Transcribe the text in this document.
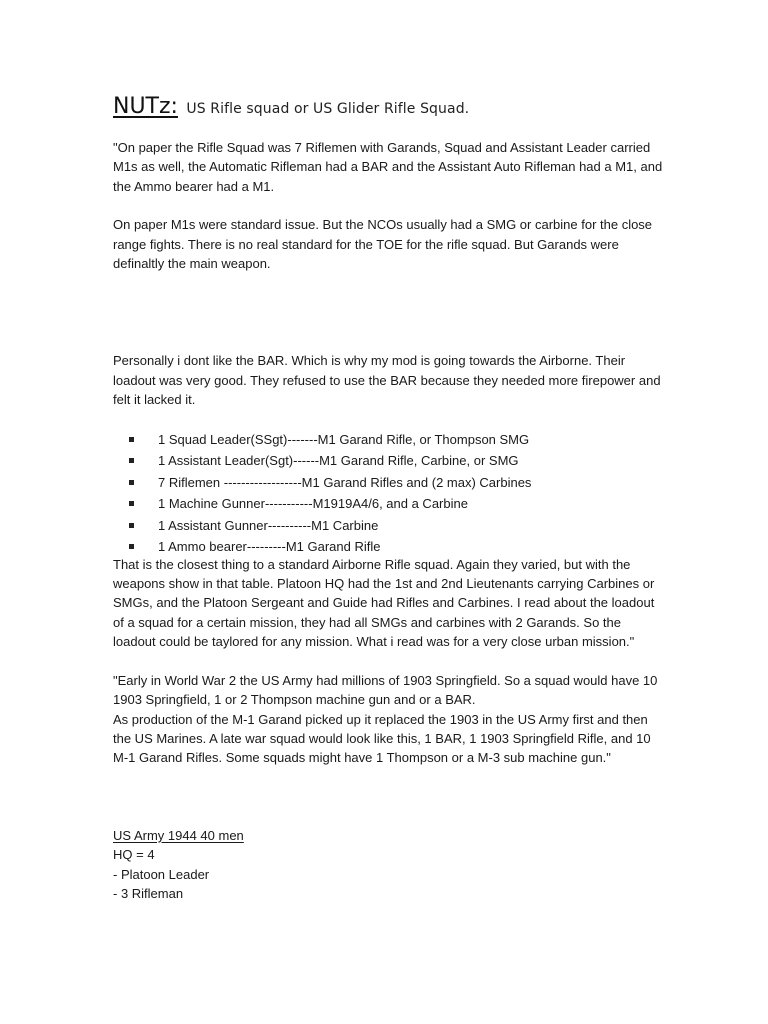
NUTz: US Rifle squad or US Glider Rifle Squad.

"On paper the Rifle Squad was 7 Riflemen with Garands, Squad and Assistant Leader carried M1s as well, the Automatic Rifleman had a BAR and the Assistant Auto Rifleman had a M1, and the Ammo bearer had a M1.

On paper M1s were standard issue. But the NCOs usually had a SMG or carbine for the close range fights. There is no real standard for the TOE for the rifle squad. But Garands were definaltly the main weapon.

Personally i dont like the BAR. Which is why my mod is going towards the Airborne. Their loadout was very good. They refused to use the BAR because they needed more firepower and felt it lacked it.

1 Squad Leader(SSgt)-------M1 Garand Rifle, or Thompson SMG
1 Assistant Leader(Sgt)------M1 Garand Rifle, Carbine, or SMG
7 Riflemen ------------------M1 Garand Rifles and (2 max) Carbines
1 Machine Gunner-----------M1919A4/6, and a Carbine
1 Assistant Gunner----------M1 Carbine
1 Ammo bearer---------M1 Garand Rifle

That is the closest thing to a standard Airborne Rifle squad. Again they varied, but with the weapons show in that table. Platoon HQ had the 1st and 2nd Lieutenants carrying Carbines or SMGs, and the Platoon Sergeant and Guide had Rifles and Carbines. I read about the loadout of a squad for a certain mission, they had all SMGs and carbines with 2 Garands. So the loadout could be taylored for any mission. What i read was for a very close urban mission."

"Early in World War 2 the US Army had millions of 1903 Springfield. So a squad would have 10 1903 Springfield, 1 or 2 Thompson machine gun and or a BAR.

As production of the M-1 Garand picked up it replaced the 1903 in the US Army first and then the US Marines. A late war squad would look like this, 1 BAR, 1 1903 Springfield Rifle, and 10 M-1 Garand Rifles. Some squads might have 1 Thompson or a M-3 sub machine gun."

US Army 1944 40 men

HQ = 4

- Platoon Leader

- 3 Rifleman
